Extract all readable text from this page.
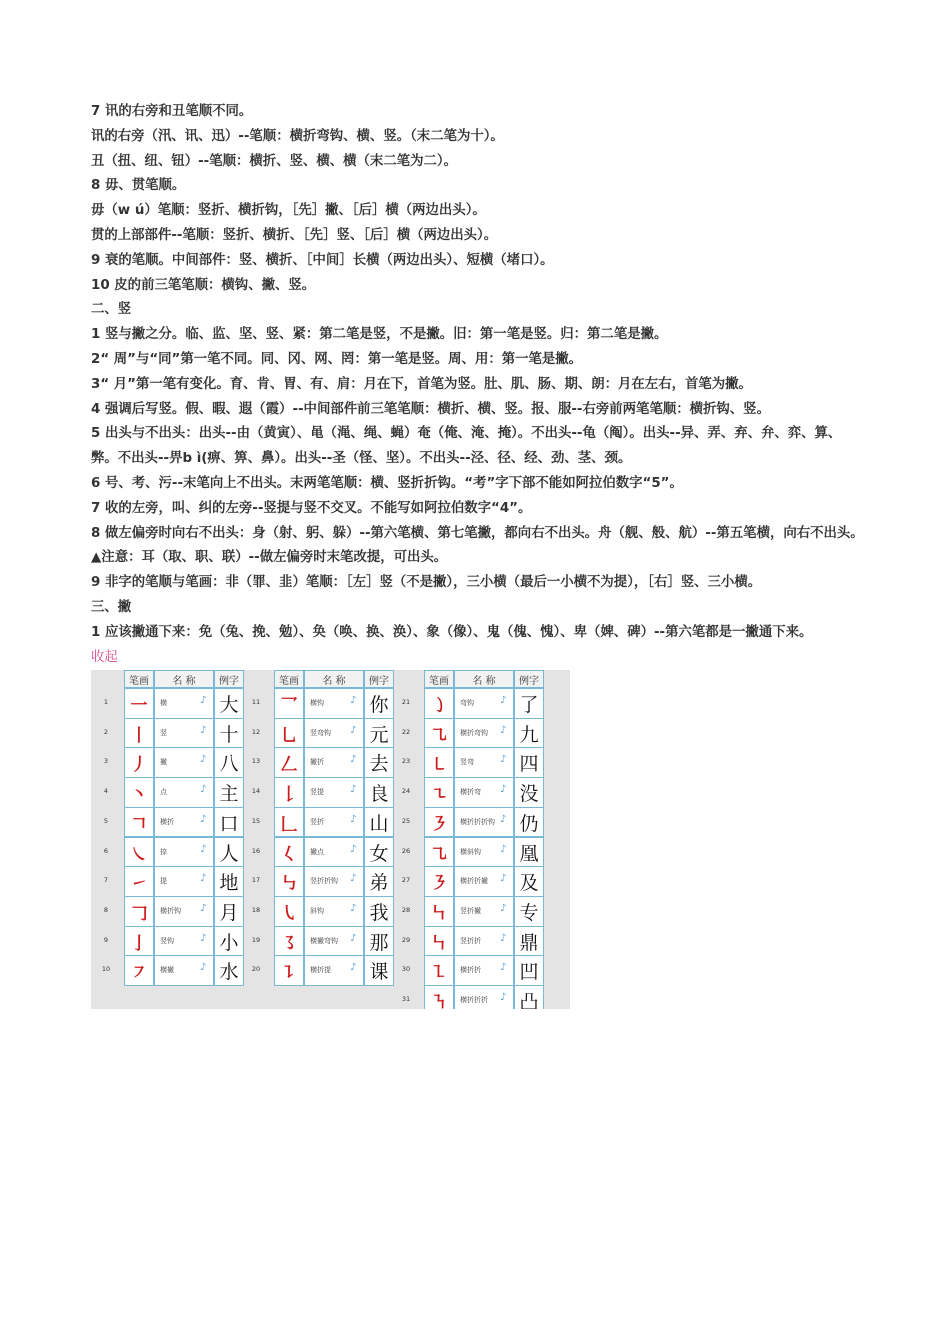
7 讯的右旁和丑笔顺不同。
讯的右旁（汛、讯、迅）--笔顺：横折弯钩、横、竖。（末二笔为十）。
丑（扭、纽、钮）--笔顺：横折、竖、横、横（末二笔为二）。
8 毋、贯笔顺。
毋（w ú）笔顺：竖折、横折钩，［先］撇、［后］横（两边出头）。
贯的上部部件--笔顺：竖折、横折、［先］竖、［后］横（两边出头）。
9 衰的笔顺。中间部件：竖、横折、［中间］长横（两边出头）、短横（堵口）。
10 皮的前三笔笔顺：横钩、撇、竖。
二、竖
1 竖与撇之分。临、监、坚、竖、紧：第二笔是竖，不是撇。旧：第一笔是竖。归：第二笔是撇。
2“ 周”与“同”第一笔不同。同、冈、网、罔：第一笔是竖。周、用：第一笔是撇。
3“ 月”第一笔有变化。育、肯、胃、有、肩：月在下，首笔为竖。肚、肌、肠、期、朗：月在左右，首笔为撇。
4 强调后写竖。假、暇、遐（霞）--中间部件前三笔笔顺：横折、横、竖。报、服--右旁前两笔笔顺：横折钩、竖。
5 出头与不出头：出头--由（黄寅）、黾（渑、绳、蝇）奄（俺、淹、掩）。不出头--龟（阄）。出头--异、弄、弃、弁、弈、算、弊。不出头--畀b ì(痹、箅、鼻）。出头--圣（怪、坚）。不出头--泾、径、经、劲、茎、颈。
6 号、考、污--末笔向上不出头。末两笔笔顺：横、竖折折钩。“考”字下部不能如阿拉伯数字“5”。
7 收的左旁，叫、纠的左旁--竖提与竖不交叉。不能写如阿拉伯数字“4”。
8 做左偏旁时向右不出头：身（射、躬、躲）--第六笔横、第七笔撇，都向右不出头。舟（舰、般、航）--第五笔横，向右不出头。▲注意：耳（取、职、联）--做左偏旁时末笔改提，可出头。
9 非字的笔顺与笔画：非（罪、韭）笔顺：［左］竖（不是撇），三小横（最后一小横不为提），［右］竖、三小横。
三、撇
1 应该撇通下来：免（兔、挽、勉）、奂（唤、换、涣）、象（像）、鬼（傀、愧）、卑（婢、碑）--第六笔都是一撇通下来。
收起
笔画	名 称	例字
1	一	横	♪ 大
2	丨	竖	♪ 十
3	丿	撇	♪ 八
4	丶	点	♪ 主
5	𠃍	横折	♪ 口
6	㇏	捺	♪ 人
7	㇀	提	♪ 地
8	𠃌	横折钩 ♪ 月
9	亅	竖钩	♪ 小
10	㇇	横撇	♪ 水
笔画	名 称	例字
11	乛	横钩	♪ 你
12	乚	竖弯钩 ♪ 元
13	𠃋	撇折	♪ 去
14	𠄌	竖提	♪ 良
15	𠃊	竖折	♪ 山
16	𡿨	撇点	♪ 女
17	㇉	竖折折钩 ♪ 弟
18	㇂	斜钩	♪ 我
19	㇌	横撇弯钩 ♪ 那
20	㇊	横折提 ♪ 课
笔画	名 称	例字
21	㇁	弯钩	♪ 了
22	㇈	横折弯钩 ♪ 九
23	㇄	竖弯	♪ 四
24	㇍	横折弯 ♪ 没
25	㇋	横折折折钩 ♪ 仍
26	㇈	横斜钩 ♪ 凰
27	㇋	横折折撇 ♪ 及
28	㇞	竖折撇 ♪ 专
29	㇞	竖折折 ♪ 鼎
30	㇅	横折折 ♪ 凹
31	㇎	横折折折 ♪ 凸
